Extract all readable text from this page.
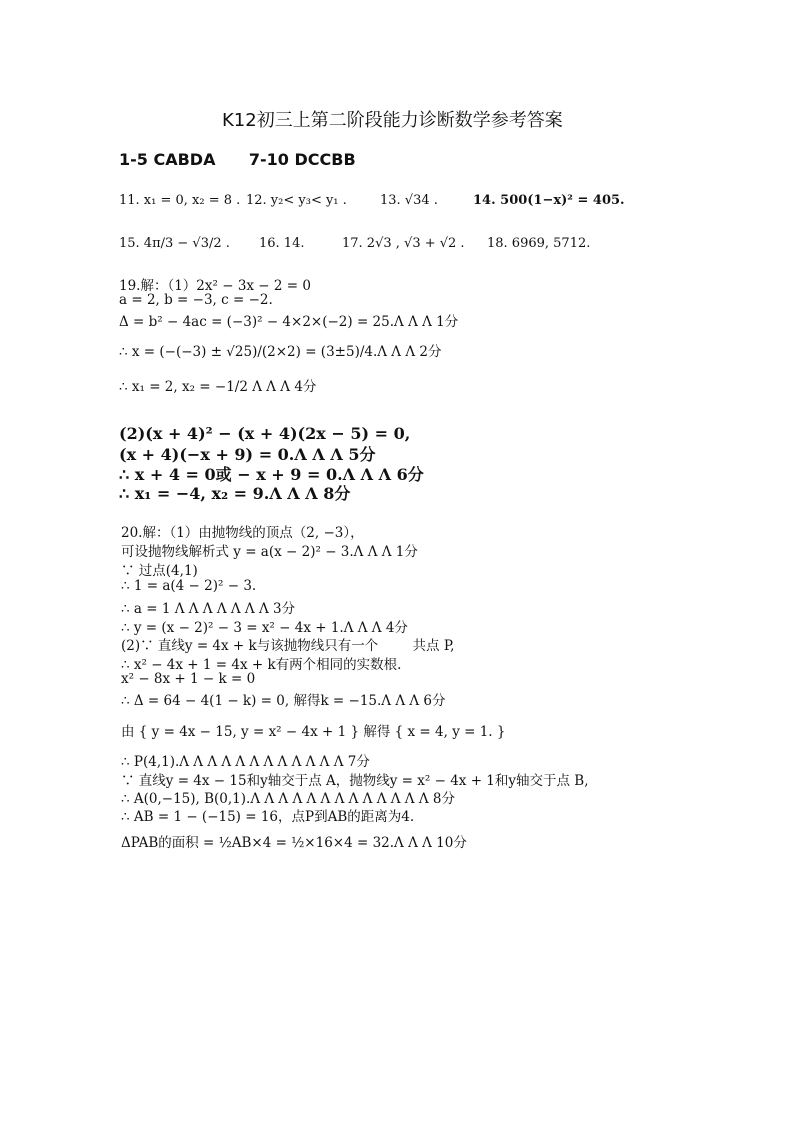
K12初三上第二阶段能力诊断数学参考答案
1-5 CABDA      7-10 DCCBB
11. x₁ = 0, x₂ = 8 . 12. y₂< y₃< y₁ .	13. √34 .	14. 500(1−x)² = 405.
15. 4π/3 − √3/2 . 16. 14.	17. 2√3 , √3 + √2 . 18. 6969, 5712.
19.解：（1）2x² − 3x − 2 = 0
a = 2, b = −3, c = −2.
Δ = b² − 4ac = (−3)² − 4×2×(−2) = 25.Λ Λ Λ 1分
∴ x = (−(−3) ± √25)/(2×2) = (3±5)/4.Λ Λ Λ 2分
∴ x₁ = 2, x₂ = −1/2 Λ Λ Λ 4分
(2)(x + 4)² − (x + 4)(2x − 5) = 0,
(x + 4)(−x + 9) = 0.Λ Λ Λ 5分
∴ x + 4 = 0或 − x + 9 = 0.Λ Λ Λ 6分
∴ x₁ = −4, x₂ = 9.Λ Λ Λ 8分
20.解：（1）由抛物线的顶点（2, −3），
可设抛物线解析式 y = a(x − 2)² − 3.Λ Λ Λ 1分
∵ 过点(4,1)
∴ 1 = a(4 − 2)² − 3.
∴ a = 1 Λ Λ Λ Λ Λ Λ Λ 3分
∴ y = (x − 2)² − 3 = x² − 4x + 1.Λ Λ Λ 4分
(2)∵ 直线y = 4x + k与该抛物线只有一个        共点 P,
∴ x² − 4x + 1 = 4x + k有两个相同的实数根.
x² − 8x + 1 − k = 0
∴ Δ = 64 − 4(1 − k) = 0, 解得k = −15.Λ Λ Λ 6分
由 { y = 4x − 15, y = x² − 4x + 1 } 解得 { x = 4, y = 1. }
∴ P(4,1).Λ Λ Λ Λ Λ Λ Λ Λ Λ Λ Λ Λ 7分
∵ 直线y = 4x − 15和y轴交于点 A，抛物线y = x² − 4x + 1和y轴交于点 B,
∴ A(0,−15), B(0,1).Λ Λ Λ Λ Λ Λ Λ Λ Λ Λ Λ Λ Λ 8分
∴ AB = 1 − (−15) = 16，点P到AB的距离为4.
ΔPAB的面积 = ½AB×4 = ½×16×4 = 32.Λ Λ Λ 10分
